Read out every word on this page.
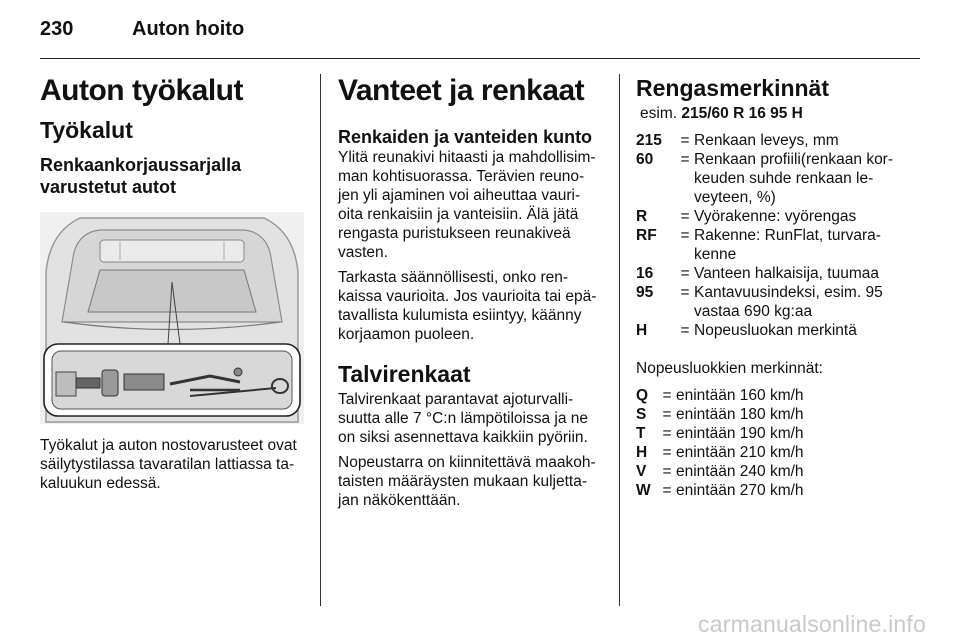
230	Auton hoito
Auton työkalut
Työkalut
Renkaankorjaussarjalla varustetut autot

Työkalut ja auton nostovarusteet ovat säilytystilassa tavaratilan lattiassa ta-kaluukun edessä.

Vanteet ja renkaat
Renkaiden ja vanteiden kunto

Ylitä reunakivi hitaasti ja mahdollisim-man kohtisuorassa. Terävien reuno-jen yli ajaminen voi aiheuttaa vauri-oita renkaisiin ja vanteisiin. Älä jätä rengasta puristukseen reunakiveä vasten.

Tarkasta säännöllisesti, onko ren-kaissa vaurioita. Jos vaurioita tai epä-tavallista kulumista esiintyy, käänny korjaamon puoleen.

Talvirenkaat

Talvirenkaat parantavat ajoturvalli-suutta alle 7 °C:n lämpötiloissa ja ne on siksi asennettava kaikkiin pyöriin.

Nopeustarra on kiinnitettävä maakoh-taisten määräysten mukaan kuljetta-jan näkökenttään.

Rengasmerkinnät

esim. 215/60 R 16 95 H

215	= Renkaan leveys, mm
60	= Renkaan profiili(renkaan kor-keuden suhde renkaan le-veyteen, %)
R	= Vyörakenne: vyörengas
RF	= Rakenne: RunFlat, turvara-kenne
16	= Vanteen halkaisija, tuumaa
95	= Kantavuusindeksi, esim. 95 vastaa 690 kg:aa
H	= Nopeusluokan merkintä

Nopeusluokkien merkinnät:

Q = enintään 160 km/h
S	= enintään 180 km/h
T	= enintään 190 km/h
H = enintään 210 km/h
V	= enintään 240 km/h
W = enintään 270 km/h
carmanualsonline.info
